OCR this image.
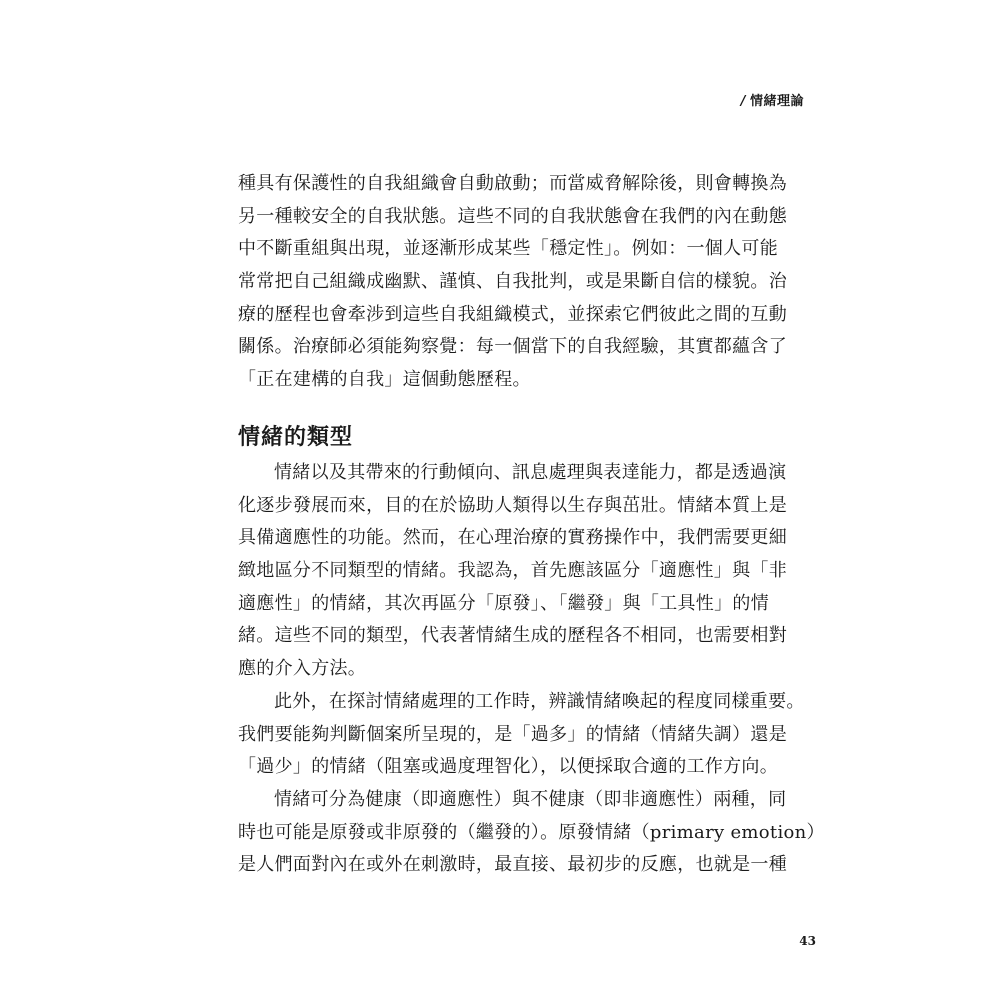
/ 情緒理論
種具有保護性的自我組織會自動啟動；而當威脅解除後，則會轉換為
另一種較安全的自我狀態。這些不同的自我狀態會在我們的內在動態
中不斷重組與出現，並逐漸形成某些「穩定性」。例如：一個人可能
常常把自己組織成幽默、謹慎、自我批判，或是果斷自信的樣貌。治
療的歷程也會牽涉到這些自我組織模式，並探索它們彼此之間的互動
關係。治療師必須能夠察覺：每一個當下的自我經驗，其實都蘊含了
「正在建構的自我」這個動態歷程。
情緒的類型
情緒以及其帶來的行動傾向、訊息處理與表達能力，都是透過演
化逐步發展而來，目的在於協助人類得以生存與茁壯。情緒本質上是
具備適應性的功能。然而，在心理治療的實務操作中，我們需要更細
緻地區分不同類型的情緒。我認為，首先應該區分「適應性」與「非
適應性」的情緒，其次再區分「原發」、「繼發」與「工具性」的情
緒。這些不同的類型，代表著情緒生成的歷程各不相同，也需要相對
應的介入方法。
此外，在探討情緒處理的工作時，辨識情緒喚起的程度同樣重要。
我們要能夠判斷個案所呈現的，是「過多」的情緒（情緒失調）還是
「過少」的情緒（阻塞或過度理智化），以便採取合適的工作方向。
情緒可分為健康（即適應性）與不健康（即非適應性）兩種，同
時也可能是原發或非原發的（繼發的）。原發情緒（primary emotion）
是人們面對內在或外在刺激時，最直接、最初步的反應，也就是一種
43
